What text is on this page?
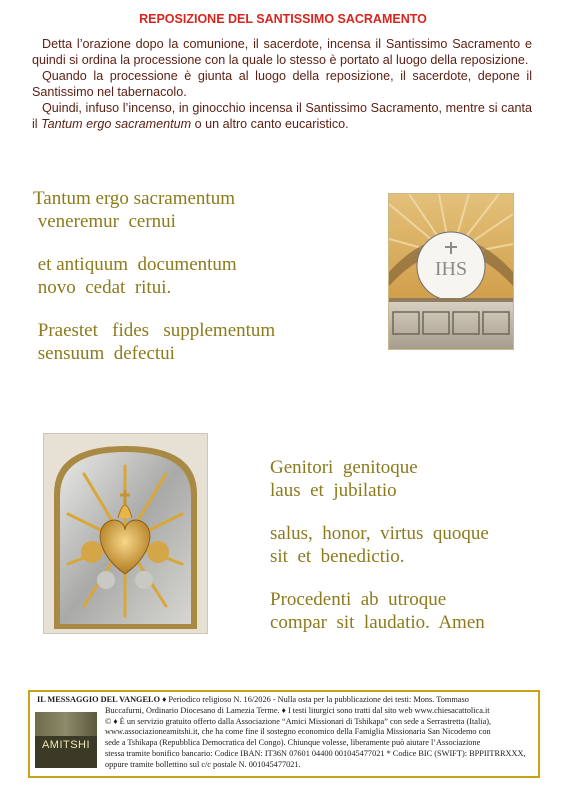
REPOSIZIONE DEL SANTISSIMO SACRAMENTO

Detta l’orazione dopo la comunione, il sacerdote, incensa il Santissimo Sacramento e quindi si ordina la processione con la quale lo stesso è portato al luogo della reposizione.

Quando la processione è giunta al luogo della reposizione, il sacerdote, depone il Santissimo nel tabernacolo.

Quindi, infuso l’incenso, in ginocchio incensa il Santissimo Sacramento, mentre si canta il Tantum ergo sacramentum o un altro canto eucaristico.

Tantum ergo sacramentum
veneremur  cernui
et antiquum  documentum
novo  cedat  ritui.
Praestet   fides   supplementum
sensuum  defectui
IHS
Genitori  genitoque
laus  et  jubilatio
salus,  honor,  virtus  quoque
sit  et  benedictio.
Procedenti  ab  utroque
compar  sit  laudatio.  Amen
AMITSHI
IL MESSAGGIO DEL VANGELO ♦ Periodico religioso N. 16/2026 - Nulla osta per la pubblicazione dei testi: Mons. Tommaso
Buccafurni, Ordinario Diocesano di Lamezia Terme. ♦ I testi liturgici sono tratti dal sito web www.chiesacattolica.it
© ♦ È un servizio gratuito offerto dalla Associazione “Amici Missionari di Tshikapa” con sede a Serrastretta (Italia),
www.associazioneamitshi.it, che ha come fine il sostegno economico della Famiglia Missionaria San Nicodemo con
sede a Tshikapa (Repubblica Democratica del Congo). Chiunque volesse, liberamente può aiutare l’Associazione
stessa tramite bonifico bancario: Codice IBAN: IT36N 07601 04400 001045477021 * Codice BIC (SWIFT): BPPIITRRXXX,
oppure tramite bollettino sul c/c postale N. 001045477021.
